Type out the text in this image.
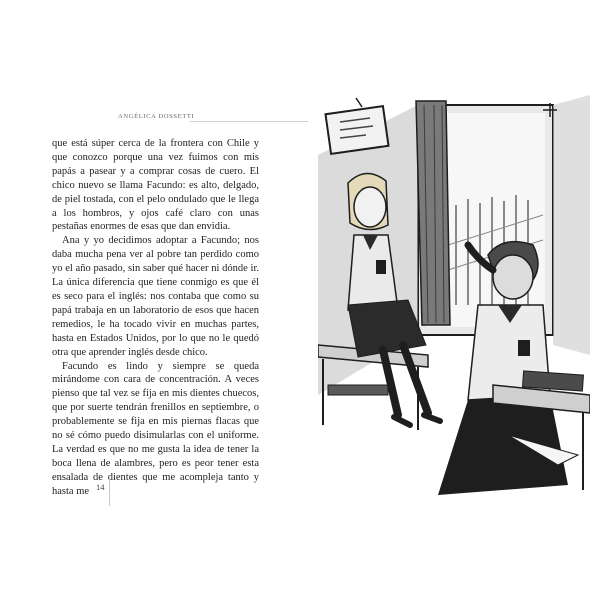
ANGÉLICA DOSSETTI

que está súper cerca de la frontera con Chile y que conozco porque una vez fuimos con mis papás a pasear y a comprar cosas de cuero. El chico nuevo se llama Facundo: es alto, delgado, de piel tostada, con el pelo ondulado que le llega a los hombros, y ojos café claro con unas pestañas enormes de esas que dan envidia.

Ana y yo decidimos adoptar a Facundo; nos daba mucha pena ver al pobre tan perdido como yo el año pasado, sin saber qué hacer ni dónde ir. La única diferencia que tiene conmigo es que él es seco para el inglés: nos contaba que como su papá trabaja en un laboratorio de esos que hacen remedios, le ha tocado vivir en muchas partes, hasta en Estados Unidos, por lo que no le quedó otra que aprender inglés desde chico.

Facundo es lindo y siempre se queda mirándome con cara de concentración. A veces pienso que tal vez se fija en mis dientes chuecos, que por suerte tendrán frenillos en septiembre, o probablemente se fija en mis piernas flacas que no sé cómo puedo disimularlas con el uniforme. La verdad es que no me gusta la idea de tener la boca llena de alambres, pero es peor tener esta ensalada de dientes que me acompleja tanto y hasta me 14
